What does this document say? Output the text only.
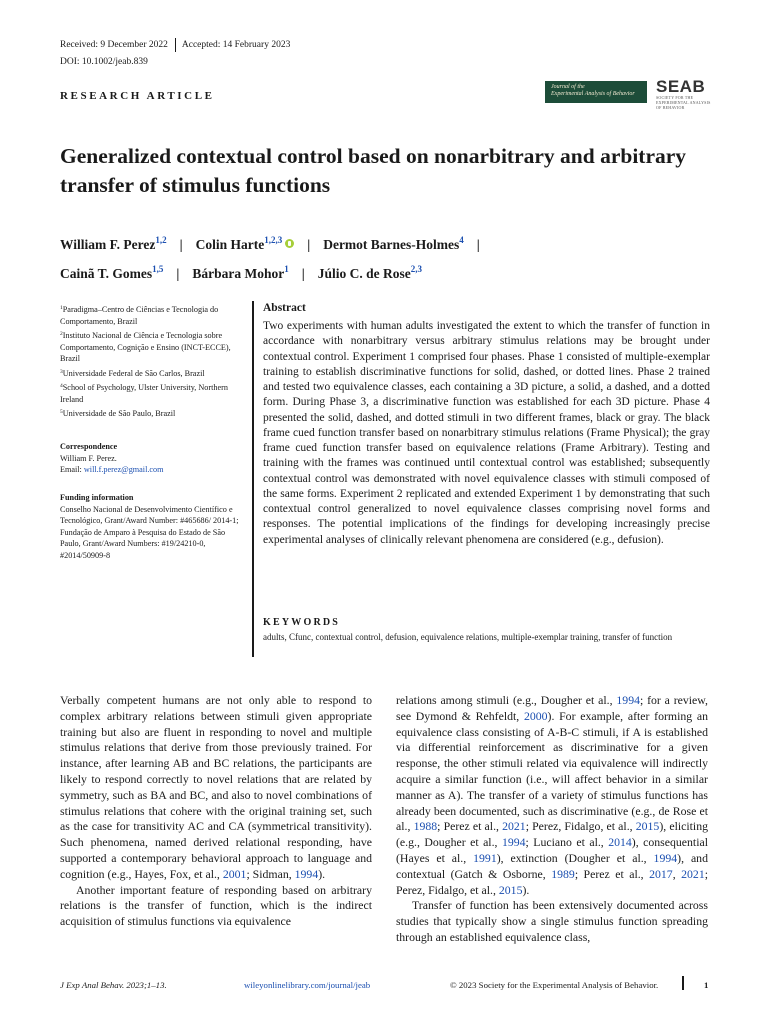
Received: 9 December 2022 Accepted: 14 February 2023
DOI: 10.1002/jeab.839
RESEARCH ARTICLE
Journal of the
Experimental Analysis of Behavior	SEAB
SOCIETY FOR THE EXPERIMENTAL ANALYSIS OF BEHAVIOR
Generalized contextual control based on nonarbitrary and arbitrary transfer of stimulus functions
William F. Perez$^{1,2}$ | Colin Harte$^{1,2,3}$ | Dermot Barnes-Holmes$^4$ |
Cainã T. Gomes$^{1,5}$ | Bárbara Mohor$^1$ | Júlio C. de Rose$^{2,3}$
$^1$Paradigma–Centro de Ciências e Tecnologia do Comportamento, Brazil
$^2$Instituto Nacional de Ciência e Tecnologia sobre Comportamento, Cognição e Ensino (INCT-ECCE), Brazil
$^3$Universidade Federal de São Carlos, Brazil
$^4$School of Psychology, Ulster University, Northern Ireland
$^5$Universidade de São Paulo, Brazil
Correspondence
William F. Perez.
Email: will.f.perez@gmail.com
Funding information
Conselho Nacional de Desenvolvimento Científico e Tecnológico, Grant/Award Number: #465686/ 2014-1; Fundação de Amparo à Pesquisa do Estado de São Paulo, Grant/Award Numbers: #19/24210-0, #2014/50909-8
Abstract
Two experiments with human adults investigated the extent to which the transfer of function in accordance with nonarbitrary versus arbitrary stimulus relations may be brought under contextual control. Experiment 1 comprised four phases. Phase 1 consisted of multiple-exemplar training to establish discriminative functions for solid, dashed, or dotted lines. Phase 2 trained and tested two equivalence classes, each containing a 3D picture, a solid, a dashed, and a dotted form. During Phase 3, a discriminative function was established for each 3D picture. Phase 4 presented the solid, dashed, and dotted stimuli in two different frames, black or gray. The black frame cued function transfer based on nonarbitrary stimulus relations (Frame Physical); the gray frame cued function transfer based on equivalence relations (Frame Arbitrary). Testing and training with the frames was continued until contextual control was established; subsequently contextual control was demonstrated with novel equivalence classes with stimuli composed of the same forms. Experiment 2 replicated and extended Experiment 1 by demonstrating that such contextual control generalized to novel equivalence classes comprising novel forms and responses. The potential implications of the findings for developing increasingly precise experimental analyses of clinically relevant phenomena are considered (e.g., defusion).
KEYWORDS
adults, Cfunc, contextual control, defusion, equivalence relations, multiple-exemplar training, transfer of function

Verbally competent humans are not only able to respond to complex arbitrary relations between stimuli given appropriate training but also are fluent in responding to novel and multiple stimulus relations that derive from those previously trained. For instance, after learning AB and BC relations, the participants are likely to respond correctly to novel relations that are related by symmetry, such as BA and BC, and also to novel combinations of stimulus relations that cohere with the original training set, such as the case for transitivity AC and CA (symmetrical transitivity). Such phenomena, named derived relational responding, have supported a contemporary behavioral approach to language and cognition (e.g., Hayes, Fox, et al., 2001; Sidman, 1994).

Another important feature of responding based on arbitrary relations is the transfer of function, which is the indirect acquisition of stimulus functions via equivalence

relations among stimuli (e.g., Dougher et al., 1994; for a review, see Dymond & Rehfeldt, 2000). For example, after forming an equivalence class consisting of A-B-C stimuli, if A is established via differential reinforcement as discriminative for a given response, the other stimuli related via equivalence will indirectly acquire a similar function (i.e., will affect behavior in a similar manner as A). The transfer of a variety of stimulus functions has already been documented, such as discriminative (e.g., de Rose et al., 1988; Perez et al., 2021; Perez, Fidalgo, et al., 2015), eliciting (e.g., Dougher et al., 1994; Luciano et al., 2014), consequential (Hayes et al., 1991), extinction (Dougher et al., 1994), and contextual (Gatch & Osborne, 1989; Perez et al., 2017, 2021; Perez, Fidalgo, et al., 2015).

Transfer of function has been extensively documented across studies that typically show a single stimulus function spreading through an established equivalence class,

J Exp Anal Behav. 2023;1–13.	wileyonlinelibrary.com/journal/jeab	© 2023 Society for the Experimental Analysis of Behavior.	1
